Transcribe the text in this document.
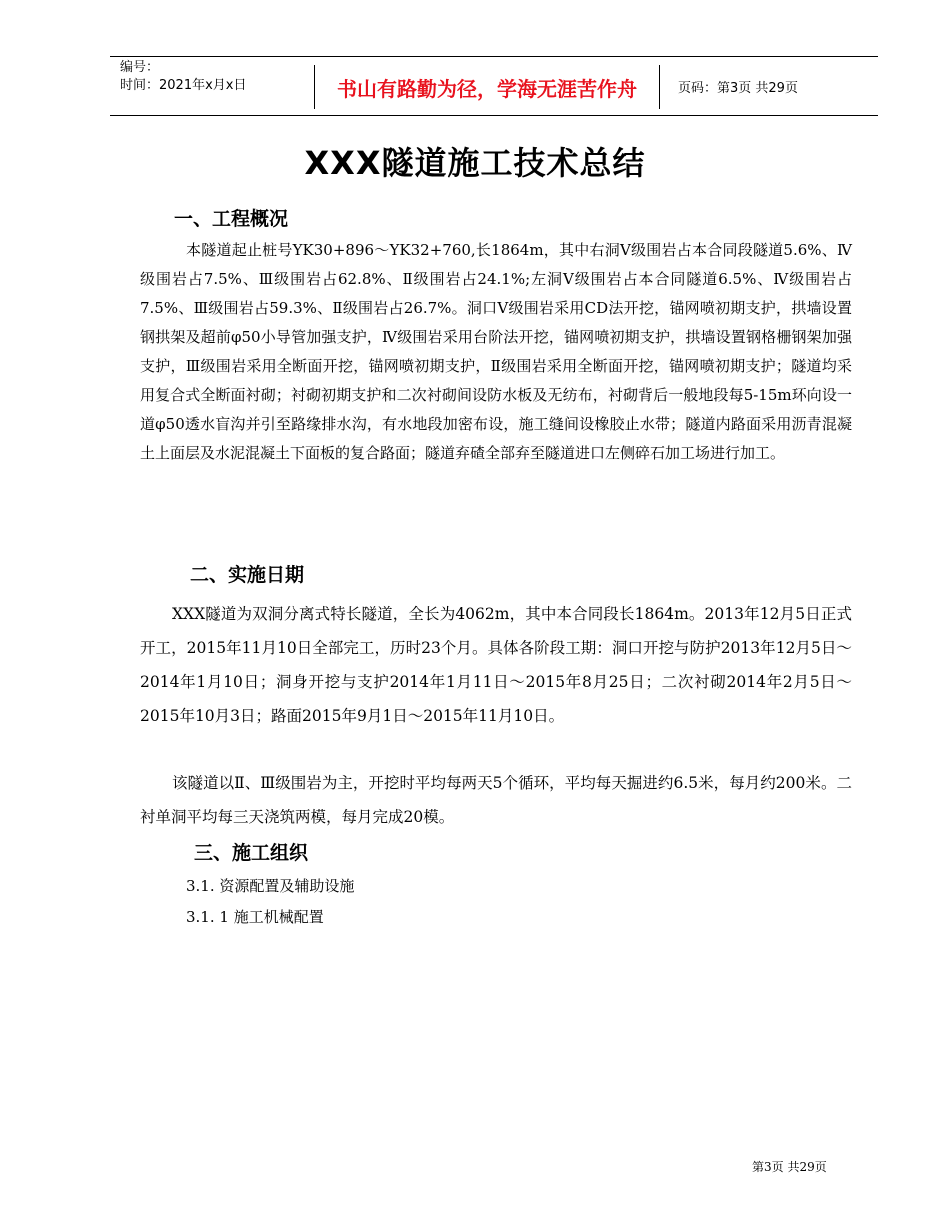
编号：
时间：2021年x月x日	书山有路勤为径，学海无涯苦作舟	页码：第3页 共29页
XXX隧道施工技术总结
一、工程概况

本隧道起止桩号YK30+896～YK32+760,长1864m，其中右洞Ⅴ级围岩占本合同段隧道5.6%、Ⅳ级围岩占7.5%、Ⅲ级围岩占62.8%、Ⅱ级围岩占24.1%;左洞Ⅴ级围岩占本合同隧道6.5%、Ⅳ级围岩占7.5%、Ⅲ级围岩占59.3%、Ⅱ级围岩占26.7%。洞口Ⅴ级围岩采用CD法开挖，锚网喷初期支护，拱墙设置钢拱架及超前φ50小导管加强支护，Ⅳ级围岩采用台阶法开挖，锚网喷初期支护，拱墙设置钢格栅钢架加强支护，Ⅲ级围岩采用全断面开挖，锚网喷初期支护，Ⅱ级围岩采用全断面开挖，锚网喷初期支护；隧道均采用复合式全断面衬砌；衬砌初期支护和二次衬砌间设防水板及无纺布，衬砌背后一般地段每5-15m环向设一道φ50透水盲沟并引至路缘排水沟，有水地段加密布设，施工缝间设橡胶止水带；隧道内路面采用沥青混凝土上面层及水泥混凝土下面板的复合路面；隧道弃碴全部弃至隧道进口左侧碎石加工场进行加工。

二、实施日期

XXX隧道为双洞分离式特长隧道，全长为4062m，其中本合同段长1864m。2013年12月5日正式开工，2015年11月10日全部完工，历时23个月。具体各阶段工期：洞口开挖与防护2013年12月5日～2014年1月10日；洞身开挖与支护2014年1月11日～2015年8月25日；二次衬砌2014年2月5日～2015年10月3日；路面2015年9月1日～2015年11月10日。

该隧道以Ⅱ、Ⅲ级围岩为主，开挖时平均每两天5个循环，平均每天掘进约6.5米，每月约200米。二衬单洞平均每三天浇筑两模，每月完成20模。

三、施工组织
3.1. 资源配置及辅助设施
3.1. 1 施工机械配置
第3页 共29页
